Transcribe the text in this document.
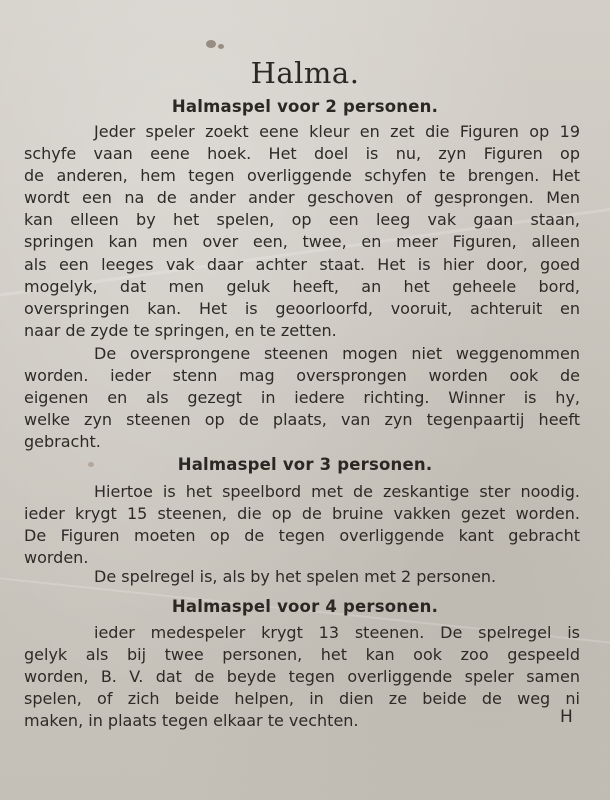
Halma.
Halmaspel voor 2 personen.
Jeder speler zoekt eene kleur en zet die Figuren op 19
schyfe vaan eene hoek. Het doel is nu, zyn Figuren op
de anderen, hem tegen overliggende schyfen te brengen. Het
wordt een na de ander ander geschoven of gesprongen. Men
kan elleen by het spelen, op een leeg vak gaan staan,
springen kan men over een, twee, en meer Figuren, alleen
als een leeges vak daar achter staat. Het is hier door, goed
mogelyk, dat men geluk heeft, an het geheele bord,
overspringen kan. Het is geoorloorfd, vooruit, achteruit en
naar de zyde te springen, en te zetten.
De oversprongene steenen mogen niet weggenommen
worden. ieder stenn mag oversprongen worden ook de
eigenen en als gezegt in iedere richting. Winner is hy,
welke zyn steenen op de plaats, van zyn tegenpaartij heeft
gebracht.
Halmaspel vor 3 personen.
Hiertoe is het speelbord met de zeskantige ster noodig.
ieder krygt 15 steenen, die op de bruine vakken gezet worden.
De Figuren moeten op de tegen overliggende kant gebracht
worden.
De spelregel is, als by het spelen met 2 personen.
Halmaspel voor 4 personen.
ieder medespeler krygt 13 steenen. De spelregel is
gelyk als bij twee personen, het kan ook zoo gespeeld
worden, B. V. dat de beyde tegen overliggende speler samen
spelen, of zich beide helpen, in dien ze beide de weg ni
maken, in plaats tegen elkaar te vechten.	H
